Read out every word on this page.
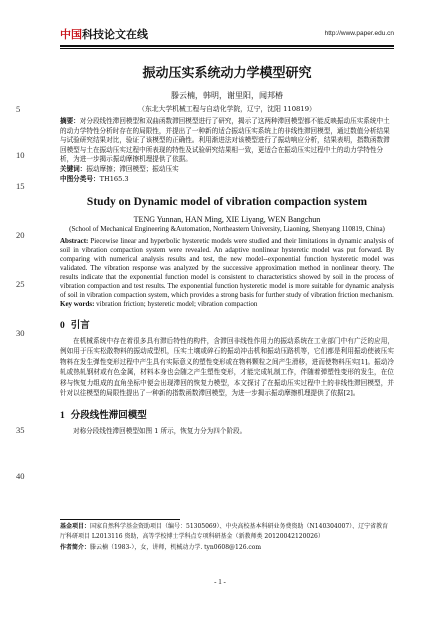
中国科技论文在线	http://www.paper.edu.cn
5
10
15
20
25
30
35
40
振动压实系统动力学模型研究
滕云楠，韩明，谢里阳，闻邦椿
（东北大学机械工程与自动化学院，辽宁，沈阳 110819）

摘要：对分段线性滞回模型和双曲函数滞回模型进行了研究，揭示了这两种滞回模型都不能反映振动压实系统中土的动力学特性分析时存在的局限性，并提出了一种新的适合振动压实系统上的非线性滞回模型，通过数值分析结果与试验研究结果对比，验证了该模型的正确性。利用渐进法对该模型进行了振动响应分析，结果表明，指数函数滞回模型与土在振动压实过程中所表现的特性及试验研究结果相一致，更适合在振动压实过程中土的动力学特性分析，为进一步揭示振动摩擦机理提供了依据。

关键词：振动摩擦；滞回模型；振动压实

中图分类号：TH165.3

Study on Dynamic model of vibration compaction system
TENG Yunnan, HAN Ming, XIE Liyang, WEN Bangchun
(School of Mechanical Engineering &Automation, Northeastern University, Liaoning, Shenyang 110819, China)

Abstract: Piecewise linear and hyperbolic hysteretic models were studied and their limitations in dynamic analysis of soil in vibration compaction system were revealed. An adaptive nonlinear hysteretic model was put forward. By comparing with numerical analysis results and test, the new model--exponential function hysteretic model was validated. The vibration response was analyzed by the successive approximation method in nonlinear theory. The results indicate that the exponential function model is consistent to characteristics showed by soil in the process of vibration compaction and test results. The exponential function hysteretic model is more suitable for dynamic analysis of soil in vibration compaction system, which provides a strong basis for further study of vibration friction mechanism.

Key words: vibration friction; hysteretic model; vibration compaction

0 引言

在机械系统中存在着很多具有滞后特性的构件，含滞回非线性作用力的振动系统在工业部门中有广泛的应用，例如用于压实松散物料的振动成型机，压实土壤或碎石的振动冲击机和振动压路机等，它们都是利用振动使被压实物料在发生弹性变形过程中产生具有实际意义的塑性变形或在物料颗粒之间产生滑移，进而使物料压实[1]。振动冷轧或热轧钢材或有色金属，材料本身也会随之产生塑性变形，才能完成轧制工作，伴随着弹塑性变形的发生，在位移与恢复力组成的直角坐标中便会出现滞回的恢复力模型，本文探讨了在振动压实过程中土的非线性滞回模型，并针对以往模型的局限性提出了一种新的指数函数滞回模型，为进一步揭示振动摩擦机理提供了依据[2]。

1 分段线性滞回模型

对称分段线性滞回模型如图 1 所示，恢复力分为四个阶段。

基金项目：国家自然科学基金资助项目（编号：51305069）、中央高校基本科研业务费资助（N140304007）、辽宁省教育厅科研项目 L2013116 资助，高等学校博士学科点专项科研基金（新教师类 20120042120026）

作者简介：滕云楠（1983-），女，讲师，机械动力学. tyn0608@126.com

- 1 -
